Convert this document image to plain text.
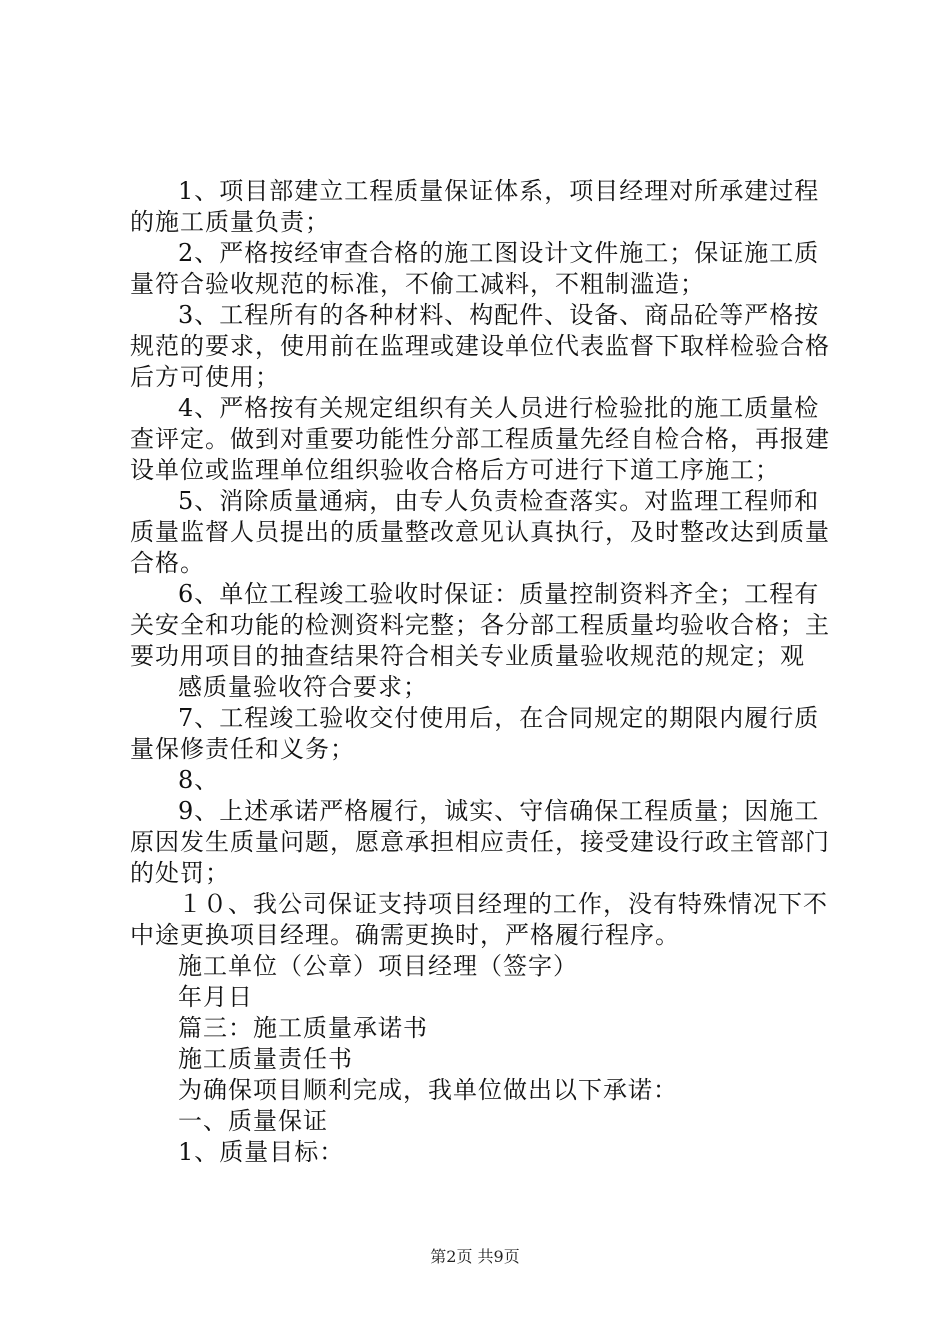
1、项目部建立工程质量保证体系，项目经理对所承建过程的施工质量负责；

2、严格按经审查合格的施工图设计文件施工；保证施工质量符合验收规范的标准，不偷工减料，不粗制滥造；

3、工程所有的各种材料、构配件、设备、商品砼等严格按规范的要求，使用前在监理或建设单位代表监督下取样检验合格后方可使用；

4、严格按有关规定组织有关人员进行检验批的施工质量检查评定。做到对重要功能性分部工程质量先经自检合格，再报建设单位或监理单位组织验收合格后方可进行下道工序施工；

5、消除质量通病，由专人负责检查落实。对监理工程师和质量监督人员提出的质量整改意见认真执行，及时整改达到质量合格。

6、单位工程竣工验收时保证：质量控制资料齐全；工程有关安全和功能的检测资料完整；各分部工程质量均验收合格；主要功用项目的抽查结果符合相关专业质量验收规范的规定；观

感质量验收符合要求；

7、工程竣工验收交付使用后，在合同规定的期限内履行质量保修责任和义务；

8、

9、上述承诺严格履行，诚实、守信确保工程质量；因施工原因发生质量问题，愿意承担相应责任，接受建设行政主管部门的处罚；

１０、我公司保证支持项目经理的工作，没有特殊情况下不中途更换项目经理。确需更换时，严格履行程序。

施工单位（公章）项目经理（签字）

年月日

篇三：施工质量承诺书

施工质量责任书

为确保项目顺利完成，我单位做出以下承诺：

一、质量保证

1、质量目标：

第2页 共9页
